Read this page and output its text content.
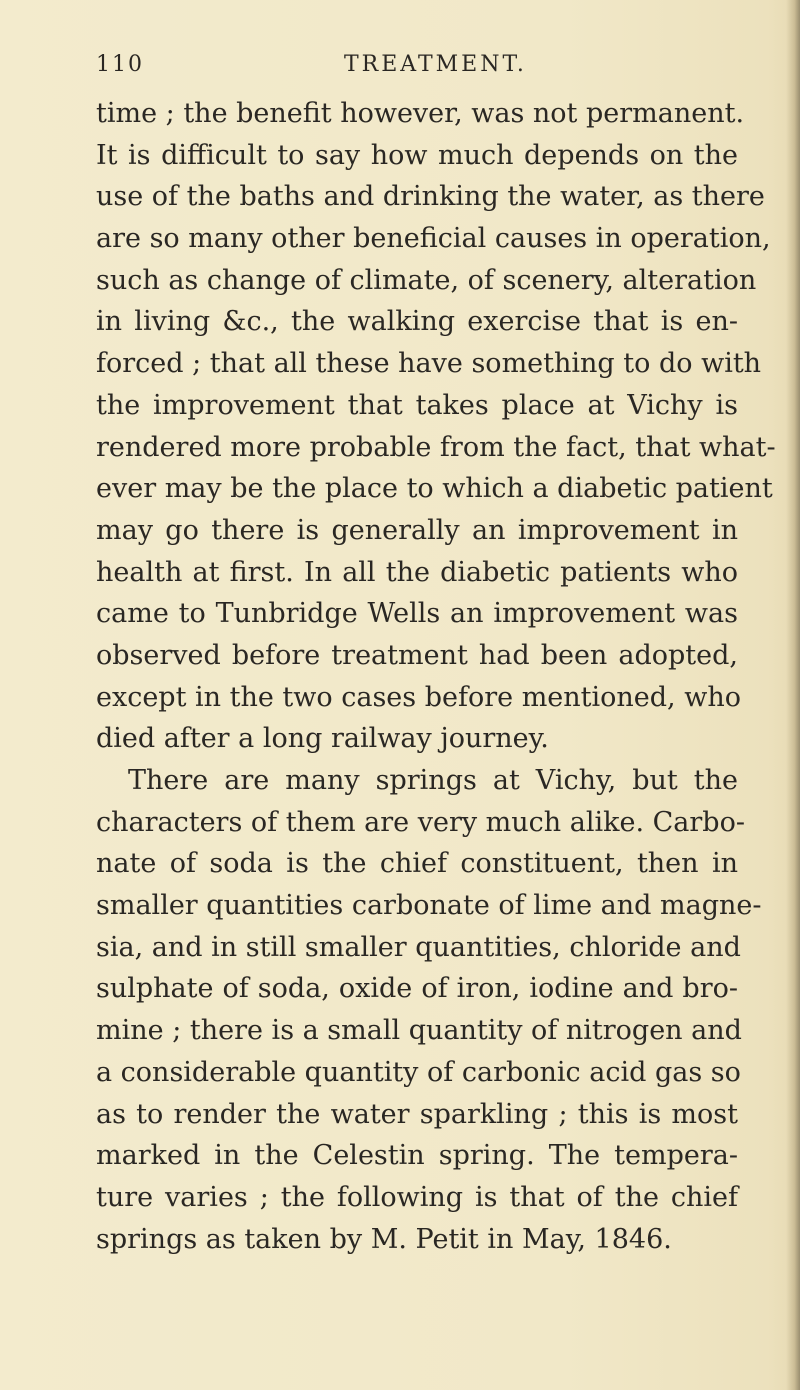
110	TREATMENT.
time ; the benefit however, was not permanent.
It is difficult to say how much depends on the
use of the baths and drinking the water, as there
are so many other beneficial causes in operation,
such as change of climate, of scenery, alteration
in living &c., the walking exercise that is en-
forced ; that all these have something to do with
the improvement that takes place at Vichy is
rendered more probable from the fact, that what-
ever may be the place to which a diabetic patient
may go there is generally an improvement in
health at first. In all the diabetic patients who
came to Tunbridge Wells an improvement was
observed before treatment had been adopted,
except in the two cases before mentioned, who
died after a long railway journey.
There are many springs at Vichy, but the
characters of them are very much alike. Carbo-
nate of soda is the chief constituent, then in
smaller quantities carbonate of lime and magne-
sia, and in still smaller quantities, chloride and
sulphate of soda, oxide of iron, iodine and bro-
mine ; there is a small quantity of nitrogen and
a considerable quantity of carbonic acid gas so
as to render the water sparkling ; this is most
marked in the Celestin spring. The tempera-
ture varies ; the following is that of the chief
springs as taken by M. Petit in May, 1846.
